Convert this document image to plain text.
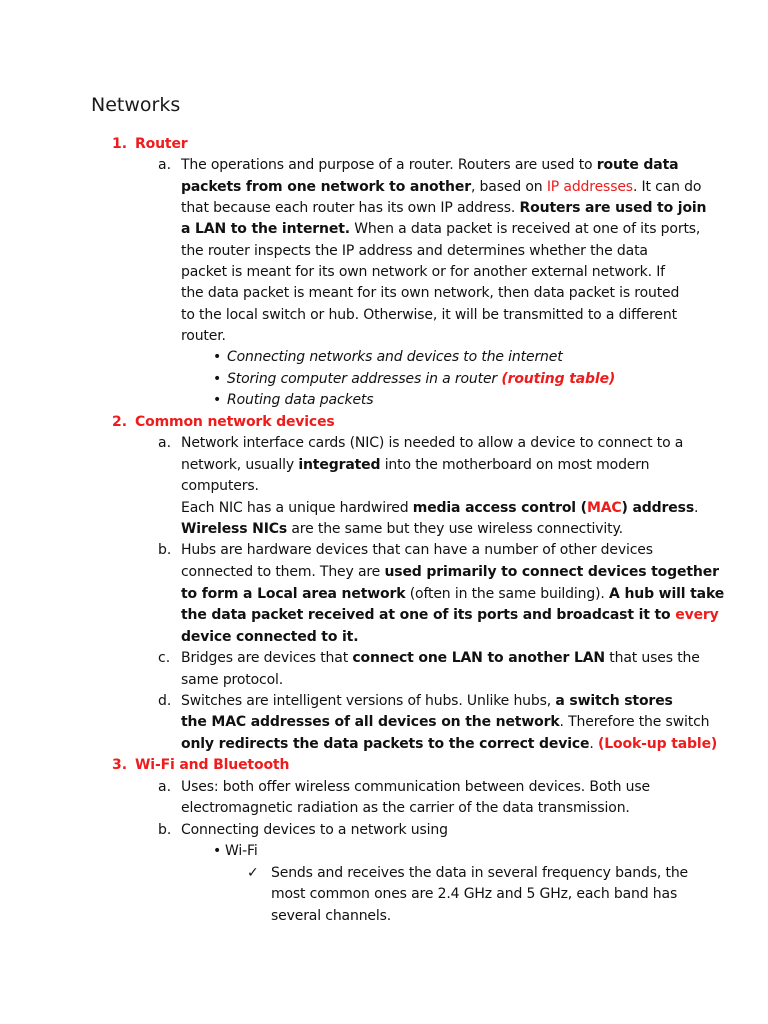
Networks
1. Router
a. The operations and purpose of a router. Routers are used to route data
packets from one network to another, based on IP addresses. It can do
that because each router has its own IP address. Routers are used to join
a LAN to the internet. When a data packet is received at one of its ports,
the router inspects the IP address and determines whether the data
packet is meant for its own network or for another external network. If
the data packet is meant for its own network, then data packet is routed
to the local switch or hub. Otherwise, it will be transmitted to a different
router.
• Connecting networks and devices to the internet
• Storing computer addresses in a router (routing table)
• Routing data packets
2. Common network devices
a. Network interface cards (NIC) is needed to allow a device to connect to a
network, usually integrated into the motherboard on most modern
computers.
Each NIC has a unique hardwired media access control (MAC) address.
Wireless NICs are the same but they use wireless connectivity.
b. Hubs are hardware devices that can have a number of other devices
connected to them. They are used primarily to connect devices together
to form a Local area network (often in the same building). A hub will take
the data packet received at one of its ports and broadcast it to every
device connected to it.
c. Bridges are devices that connect one LAN to another LAN that uses the
same protocol.
d. Switches are intelligent versions of hubs. Unlike hubs, a switch stores
the MAC addresses of all devices on the network. Therefore the switch
only redirects the data packets to the correct device. (Look-up table)
3. Wi-Fi and Bluetooth
a. Uses: both offer wireless communication between devices. Both use
electromagnetic radiation as the carrier of the data transmission.
b. Connecting devices to a network using
• Wi-Fi
✓ Sends and receives the data in several frequency bands, the
most common ones are 2.4 GHz and 5 GHz, each band has
several channels.
